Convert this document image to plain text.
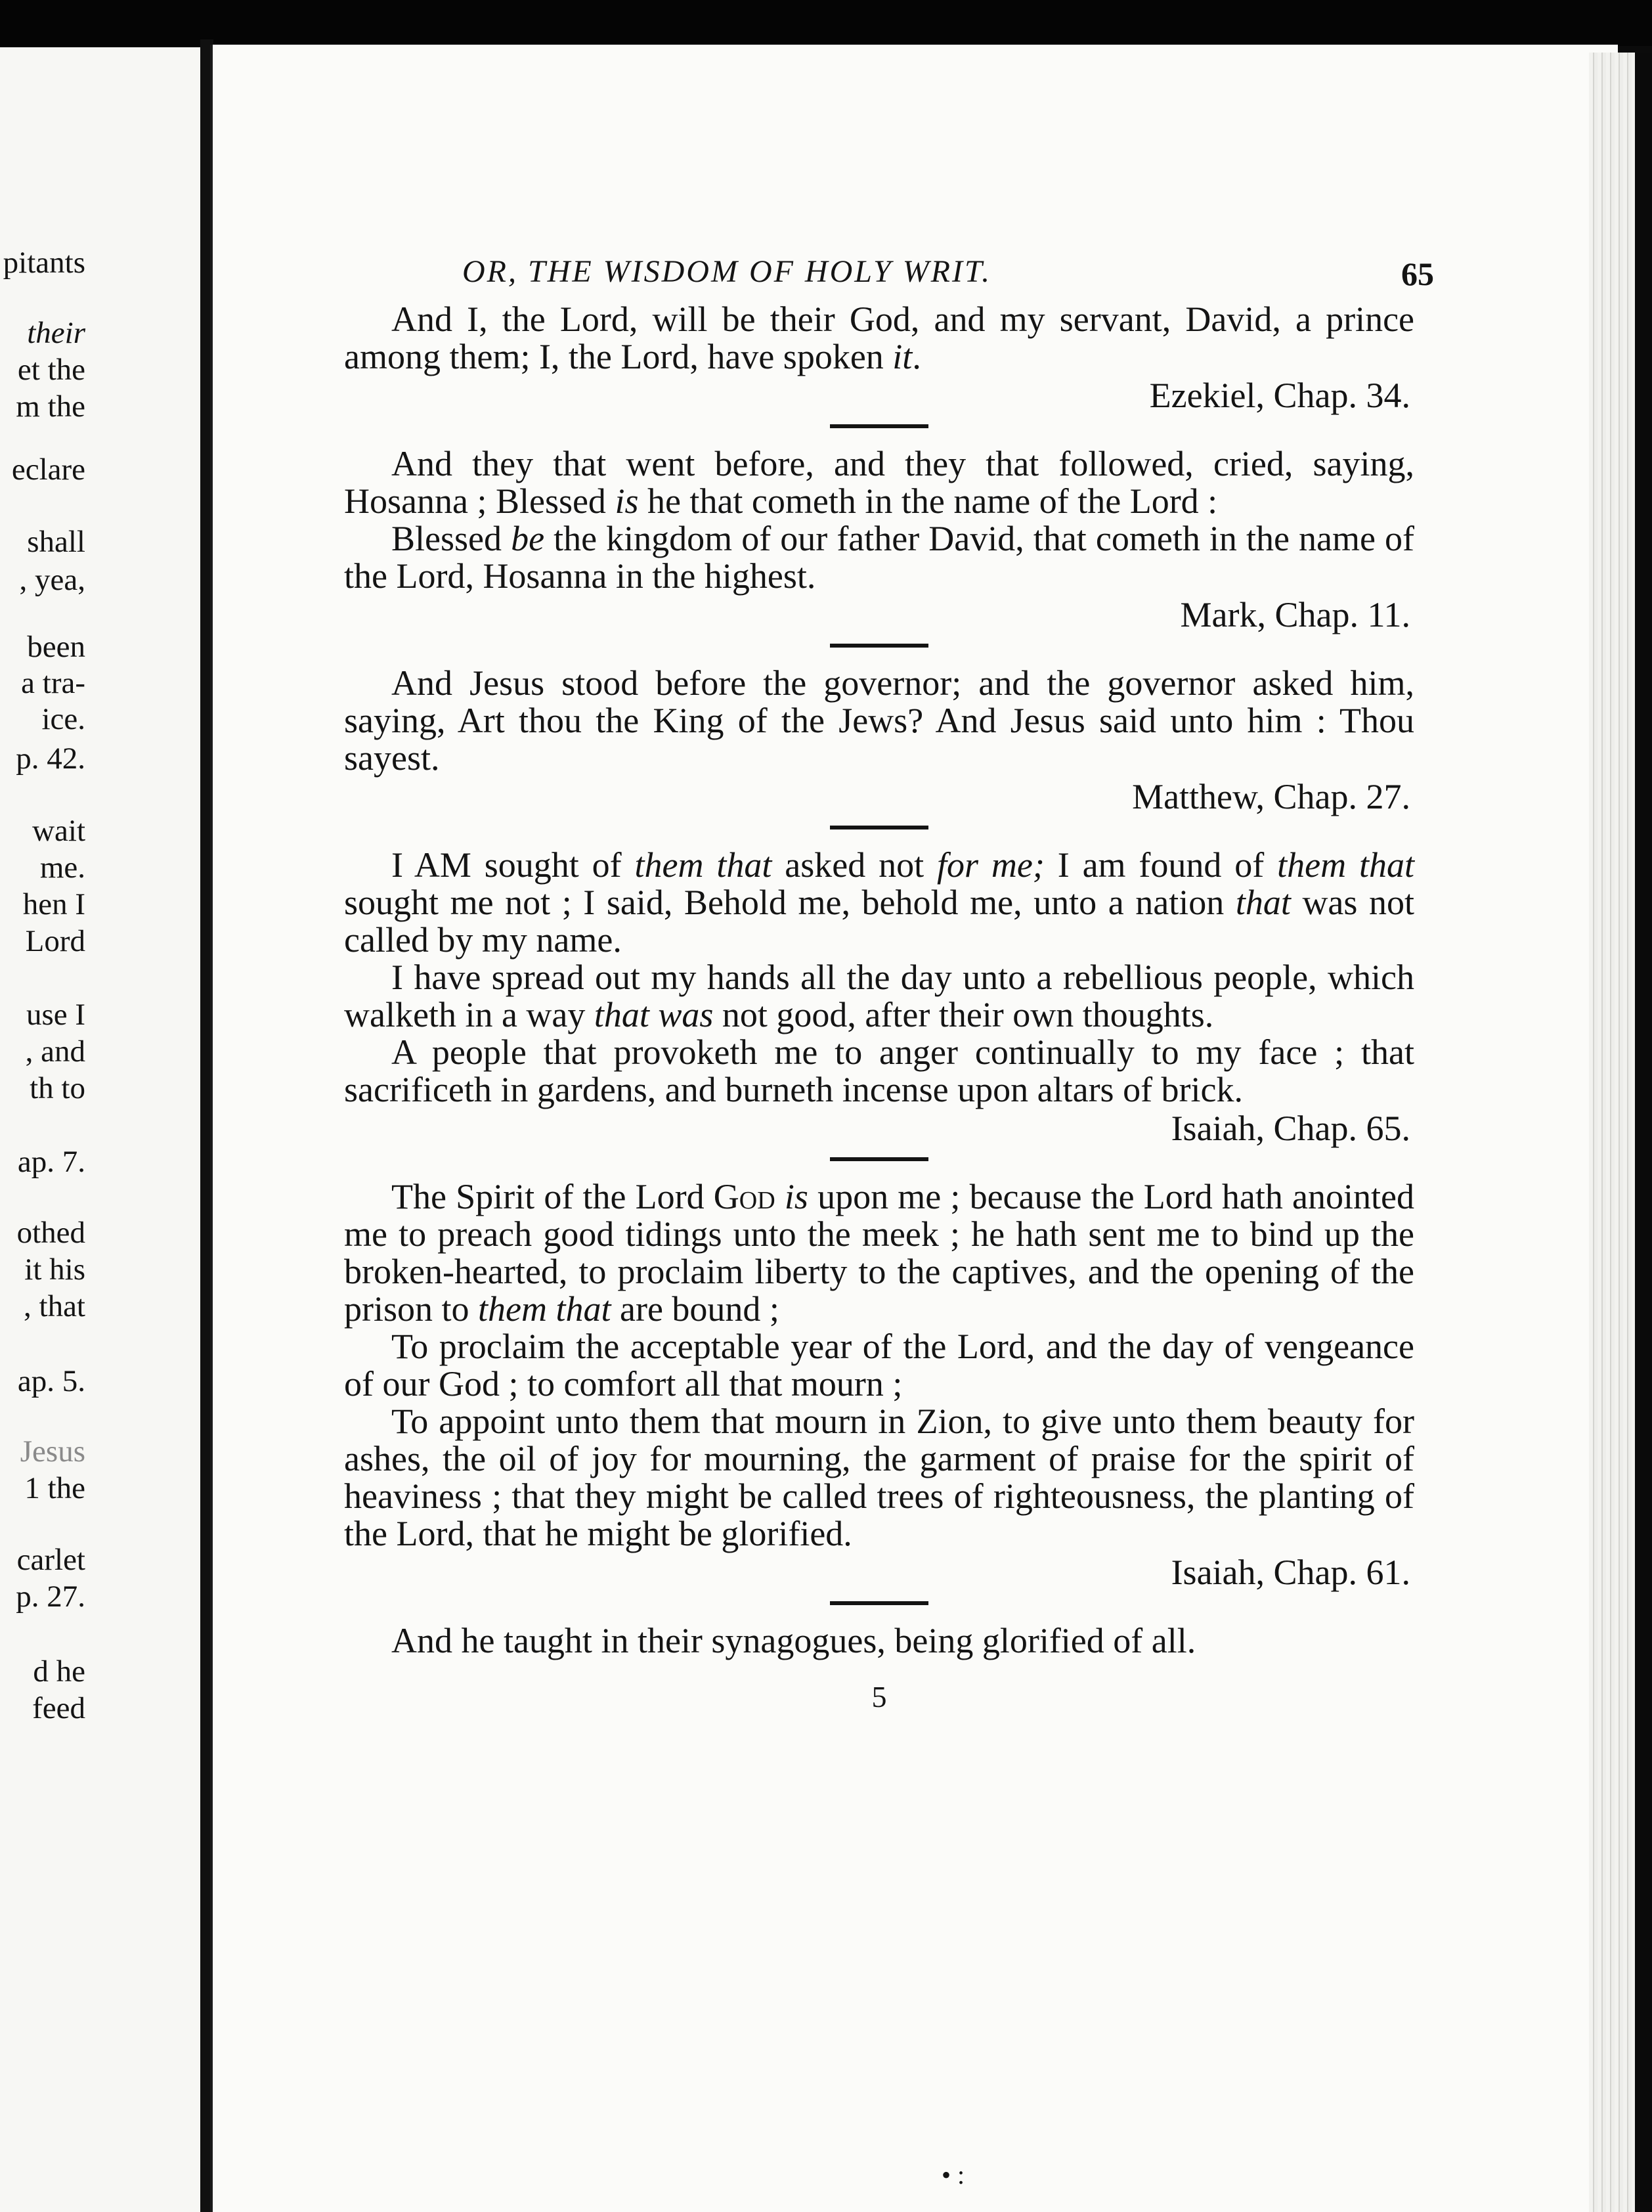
pitants
their
et the
m the
eclare
shall
, yea,
been
a tra-
ice.
p. 42.
wait
me.
hen I
Lord
use I
, and
th to
ap. 7.
othed
it his
, that
ap. 5.
Jesus
1 the
carlet
p. 27.
d he
feed
OR, THE WISDOM OF HOLY WRIT.	65

And I, the Lord, will be their God, and my servant, David, a prince among them; I, the Lord, have spoken it.

Ezekiel, Chap. 34.

And they that went before, and they that followed, cried, saying, Hosanna ; Blessed is he that cometh in the name of the Lord :

Blessed be the kingdom of our father David, that cometh in the name of the Lord, Hosanna in the highest.

Mark, Chap. 11.

And Jesus stood before the governor; and the governor asked him, saying, Art thou the King of the Jews? And Jesus said unto him : Thou sayest.

Matthew, Chap. 27.

I AM sought of them that asked not for me; I am found of them that sought me not ; I said, Behold me, behold me, unto a nation that was not called by my name.

I have spread out my hands all the day unto a rebellious people, which walketh in a way that was not good, after their own thoughts.

A people that provoketh me to anger continually to my face ; that sacrificeth in gardens, and burneth incense upon altars of brick.

Isaiah, Chap. 65.

The Spirit of the Lord God is upon me ; because the Lord hath anointed me to preach good tidings unto the meek ; he hath sent me to bind up the broken-hearted, to proclaim liberty to the captives, and the opening of the prison to them that are bound ;

To proclaim the acceptable year of the Lord, and the day of vengeance of our God ; to comfort all that mourn ;

To appoint unto them that mourn in Zion, to give unto them beauty for ashes, the oil of joy for mourning, the garment of praise for the spirit of heaviness ; that they might be called trees of righteousness, the planting of the Lord, that he might be glorified.

Isaiah, Chap. 61.

And he taught in their synagogues, being glorified of all.

5
• :
